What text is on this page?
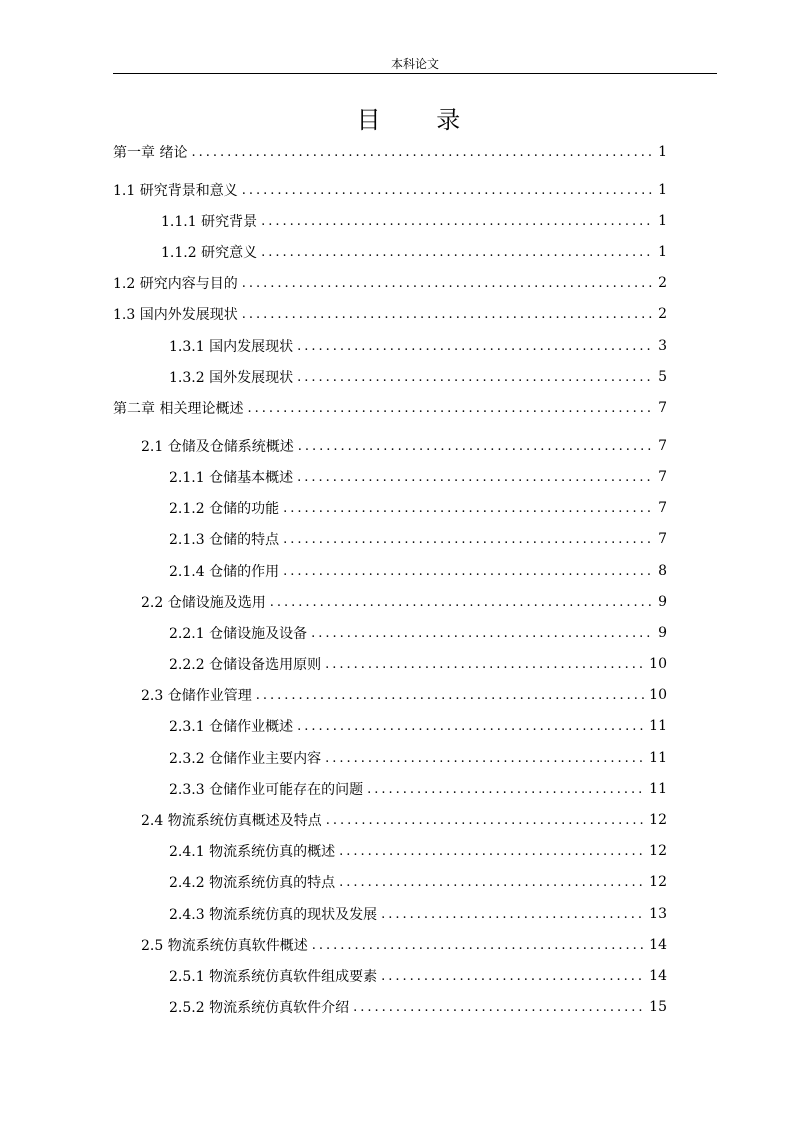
本科论文
目 录
第一章 绪论 .....	1
1.1 研究背景和意义 .....	1
1.1.1 研究背景 .....	1
1.1.2 研究意义 .....	1
1.2 研究内容与目的 .....	2
1.3 国内外发展现状 .....	2
1.3.1 国内发展现状 .....	3
1.3.2 国外发展现状 .....	5
第二章 相关理论概述 .....	7
2.1 仓储及仓储系统概述 .....	7
2.1.1 仓储基本概述 .....	7
2.1.2 仓储的功能 .....	7
2.1.3 仓储的特点 .....	7
2.1.4 仓储的作用 .....	8
2.2 仓储设施及选用 .....	9
2.2.1 仓储设施及设备 .....	9
2.2.2 仓储设备选用原则 .....	10
2.3 仓储作业管理 .....	10
2.3.1 仓储作业概述 .....	11
2.3.2 仓储作业主要内容 .....	11
2.3.3 仓储作业可能存在的问题 .....	11
2.4 物流系统仿真概述及特点 .....	12
2.4.1 物流系统仿真的概述 .....	12
2.4.2 物流系统仿真的特点 .....	12
2.4.3 物流系统仿真的现状及发展 .....	13
2.5 物流系统仿真软件概述 .....	14
2.5.1 物流系统仿真软件组成要素 .....	14
2.5.2 物流系统仿真软件介绍 .....	15
